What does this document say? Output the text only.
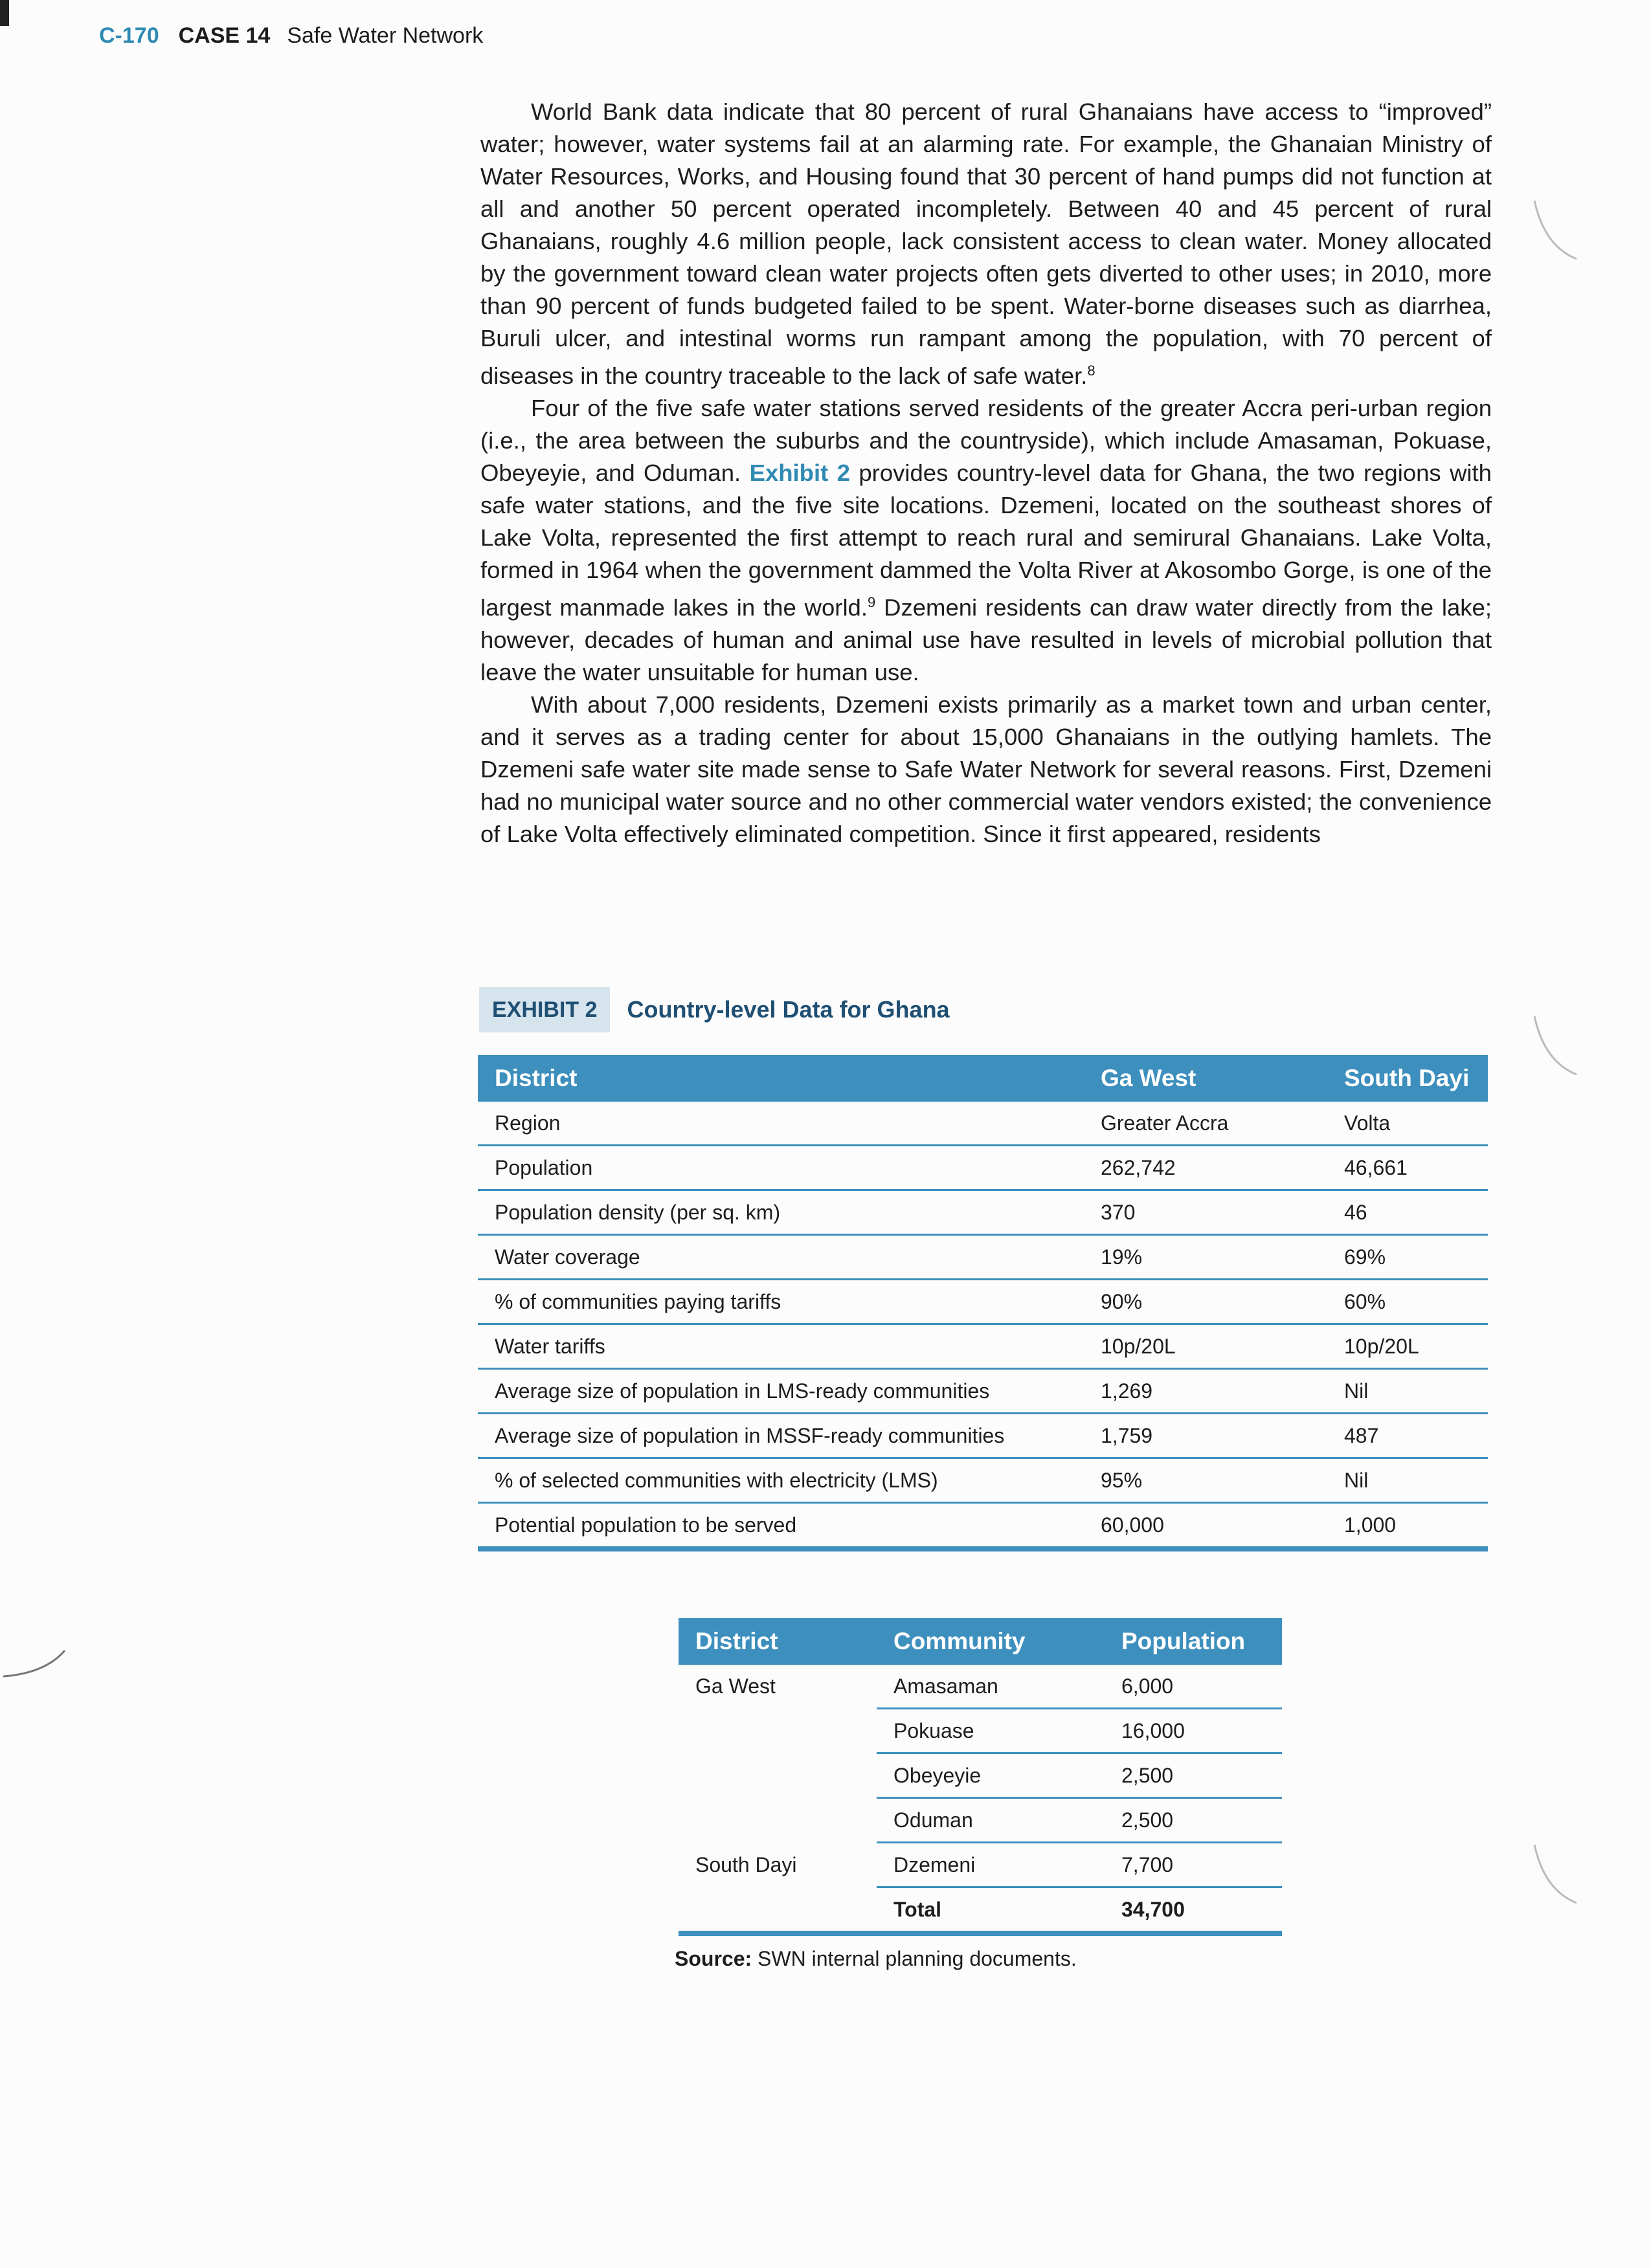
C-170 CASE 14 Safe Water Network

World Bank data indicate that 80 percent of rural Ghanaians have access to “improved” water; however, water systems fail at an alarming rate. For example, the Ghanaian Ministry of Water Resources, Works, and Housing found that 30 percent of hand pumps did not function at all and another 50 percent operated incompletely. Between 40 and 45 percent of rural Ghanaians, roughly 4.6 million people, lack consistent access to clean water. Money allocated by the government toward clean water projects often gets diverted to other uses; in 2010, more than 90 percent of funds budgeted failed to be spent. Water-borne diseases such as diarrhea, Buruli ulcer, and intestinal worms run rampant among the population, with 70 percent of diseases in the country traceable to the lack of safe water.$^8$

Four of the five safe water stations served residents of the greater Accra peri-urban region (i.e., the area between the suburbs and the countryside), which include Amasaman, Pokuase, Obeyeyie, and Oduman. Exhibit 2 provides country-level data for Ghana, the two regions with safe water stations, and the five site locations. Dzemeni, located on the southeast shores of Lake Volta, represented the first attempt to reach rural and semirural Ghanaians. Lake Volta, formed in 1964 when the government dammed the Volta River at Akosombo Gorge, is one of the largest manmade lakes in the world.$^9$ Dzemeni residents can draw water directly from the lake; however, decades of human and animal use have resulted in levels of microbial pollution that leave the water unsuitable for human use.

With about 7,000 residents, Dzemeni exists primarily as a market town and urban center, and it serves as a trading center for about 15,000 Ghanaians in the outlying hamlets. The Dzemeni safe water site made sense to Safe Water Network for several reasons. First, Dzemeni had no municipal water source and no other commercial water vendors existed; the convenience of Lake Volta effectively eliminated competition. Since it first appeared, residents

EXHIBIT 2	Country-level Data for Ghana
District	Ga West	South Dayi
Region	Greater Accra	Volta
Population	262,742	46,661
Population density (per sq. km)	370	46
Water coverage	19%	69%
% of communities paying tariffs	90%	60%
Water tariffs	10p/20L	10p/20L
Average size of population in LMS-ready communities	1,269	Nil
Average size of population in MSSF-ready communities	1,759	487
% of selected communities with electricity (LMS)	95%	Nil
Potential population to be served	60,000	1,000
District	Community	Population
Ga West	Amasaman	6,000
	Pokuase	16,000
	Obeyeyie	2,500
	Oduman	2,500
South Dayi	Dzemeni	7,700
	Total	34,700
Source: SWN internal planning documents.
